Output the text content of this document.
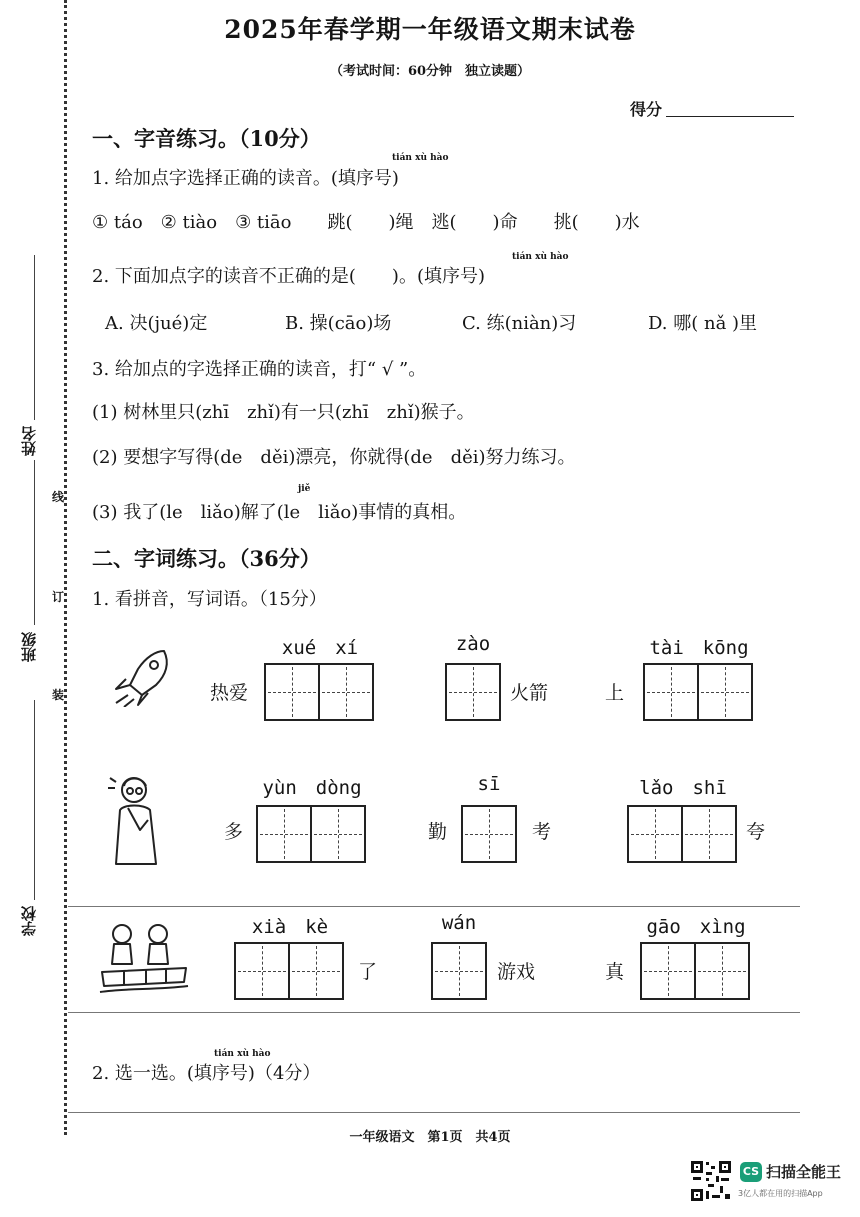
姓名
班级
学校
线
订
装
2025年春学期一年级语文期末试卷
（考试时间：60分钟　独立读题）
得分
一、字音练习。（10分）
tián xù hào
1. 给加点字选择正确的读音。(填序号)
① táo　② tiào　③ tiāo　　跳(　　)绳　逃(　　)命　　挑(　　)水
tián xù hào
2. 下面加点字的读音不正确的是(　　)。(填序号)
A. 决(jué)定	B. 操(cāo)场	C. 练(niàn)习	D. 哪( nǎ )里
3. 给加点的字选择正确的读音，打“ √ ”。
(1) 树林里只(zhī　zhǐ)有一只(zhī　zhǐ)猴子。
(2) 要想字写得(de　děi)漂亮，你就得(de　děi)努力练习。
jiě
(3) 我了(le　liǎo)解了(le　liǎo)事情的真相。
二、字词练习。（36分）
1. 看拼音，写词语。（15分）
xué　xí
热爱
zào
火箭
tài　kōng
上
yùn　dòng
多
sī
勤	考
lǎo　shī
夸
xià　kè
了
wán
游戏
gāo　xìng
真
tián xù hào
2. 选一选。(填序号)（4分）
一年级语文　第1页　共4页
CS 扫描全能王
3亿人都在用的扫描App
